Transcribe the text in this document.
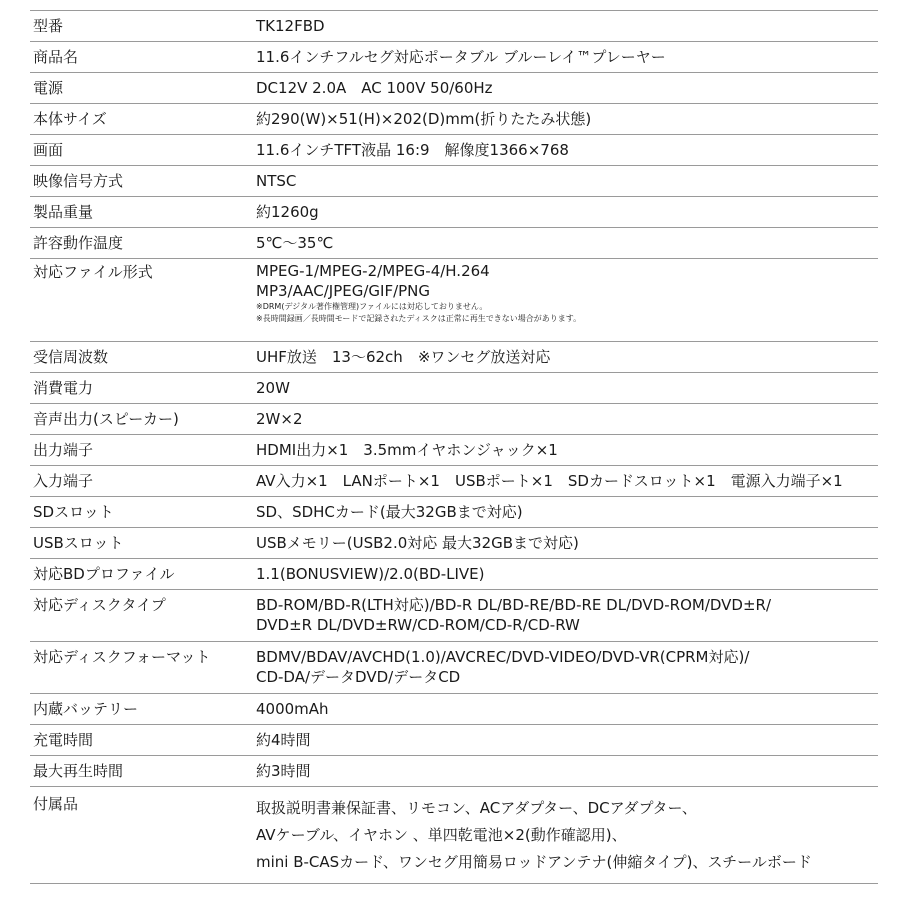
型番	TK12FBD
商品名	11.6インチフルセグ対応ポータブル ブルーレイ™プレーヤー
電源	DC12V 2.0A　AC 100V 50/60Hz
本体サイズ	約290(W)×51(H)×202(D)mm(折りたたみ状態)
画面	11.6インチTFT液晶 16:9　解像度1366×768
映像信号方式	NTSC
製品重量	約1260g
許容動作温度	5℃〜35℃
対応ファイル形式	MPEG-1/MPEG-2/MPEG-4/H.264
MP3/AAC/JPEG/GIF/PNG
※DRM(デジタル著作権管理)ファイルには対応しておりません。
※長時間録画／長時間モードで記録されたディスクは正常に再生できない場合があります。
受信周波数	UHF放送　13〜62ch　※ワンセグ放送対応
消費電力	20W
音声出力(スピーカー)	2W×2
出力端子	HDMI出力×1　3.5mmイヤホンジャック×1
入力端子	AV入力×1　LANポート×1　USBポート×1　SDカードスロット×1　電源入力端子×1
SDスロット	SD、SDHCカード(最大32GBまで対応)
USBスロット	USBメモリー(USB2.0対応 最大32GBまで対応)
対応BDプロファイル	1.1(BONUSVIEW)/2.0(BD-LIVE)
対応ディスクタイプ	BD-ROM/BD-R(LTH対応)/BD-R DL/BD-RE/BD-RE DL/DVD-ROM/DVD±R/
DVD±R DL/DVD±RW/CD-ROM/CD-R/CD-RW
対応ディスクフォーマット	BDMV/BDAV/AVCHD(1.0)/AVCREC/DVD-VIDEO/DVD-VR(CPRM対応)/
CD-DA/データDVD/データCD
内蔵バッテリー	4000mAh
充電時間	約4時間
最大再生時間	約3時間
付属品	取扱説明書兼保証書、リモコン、ACアダプター、DCアダプター、
AVケーブル、イヤホン 、単四乾電池×2(動作確認用)、
mini B-CASカード、ワンセグ用簡易ロッドアンテナ(伸縮タイプ)、スチールボード
